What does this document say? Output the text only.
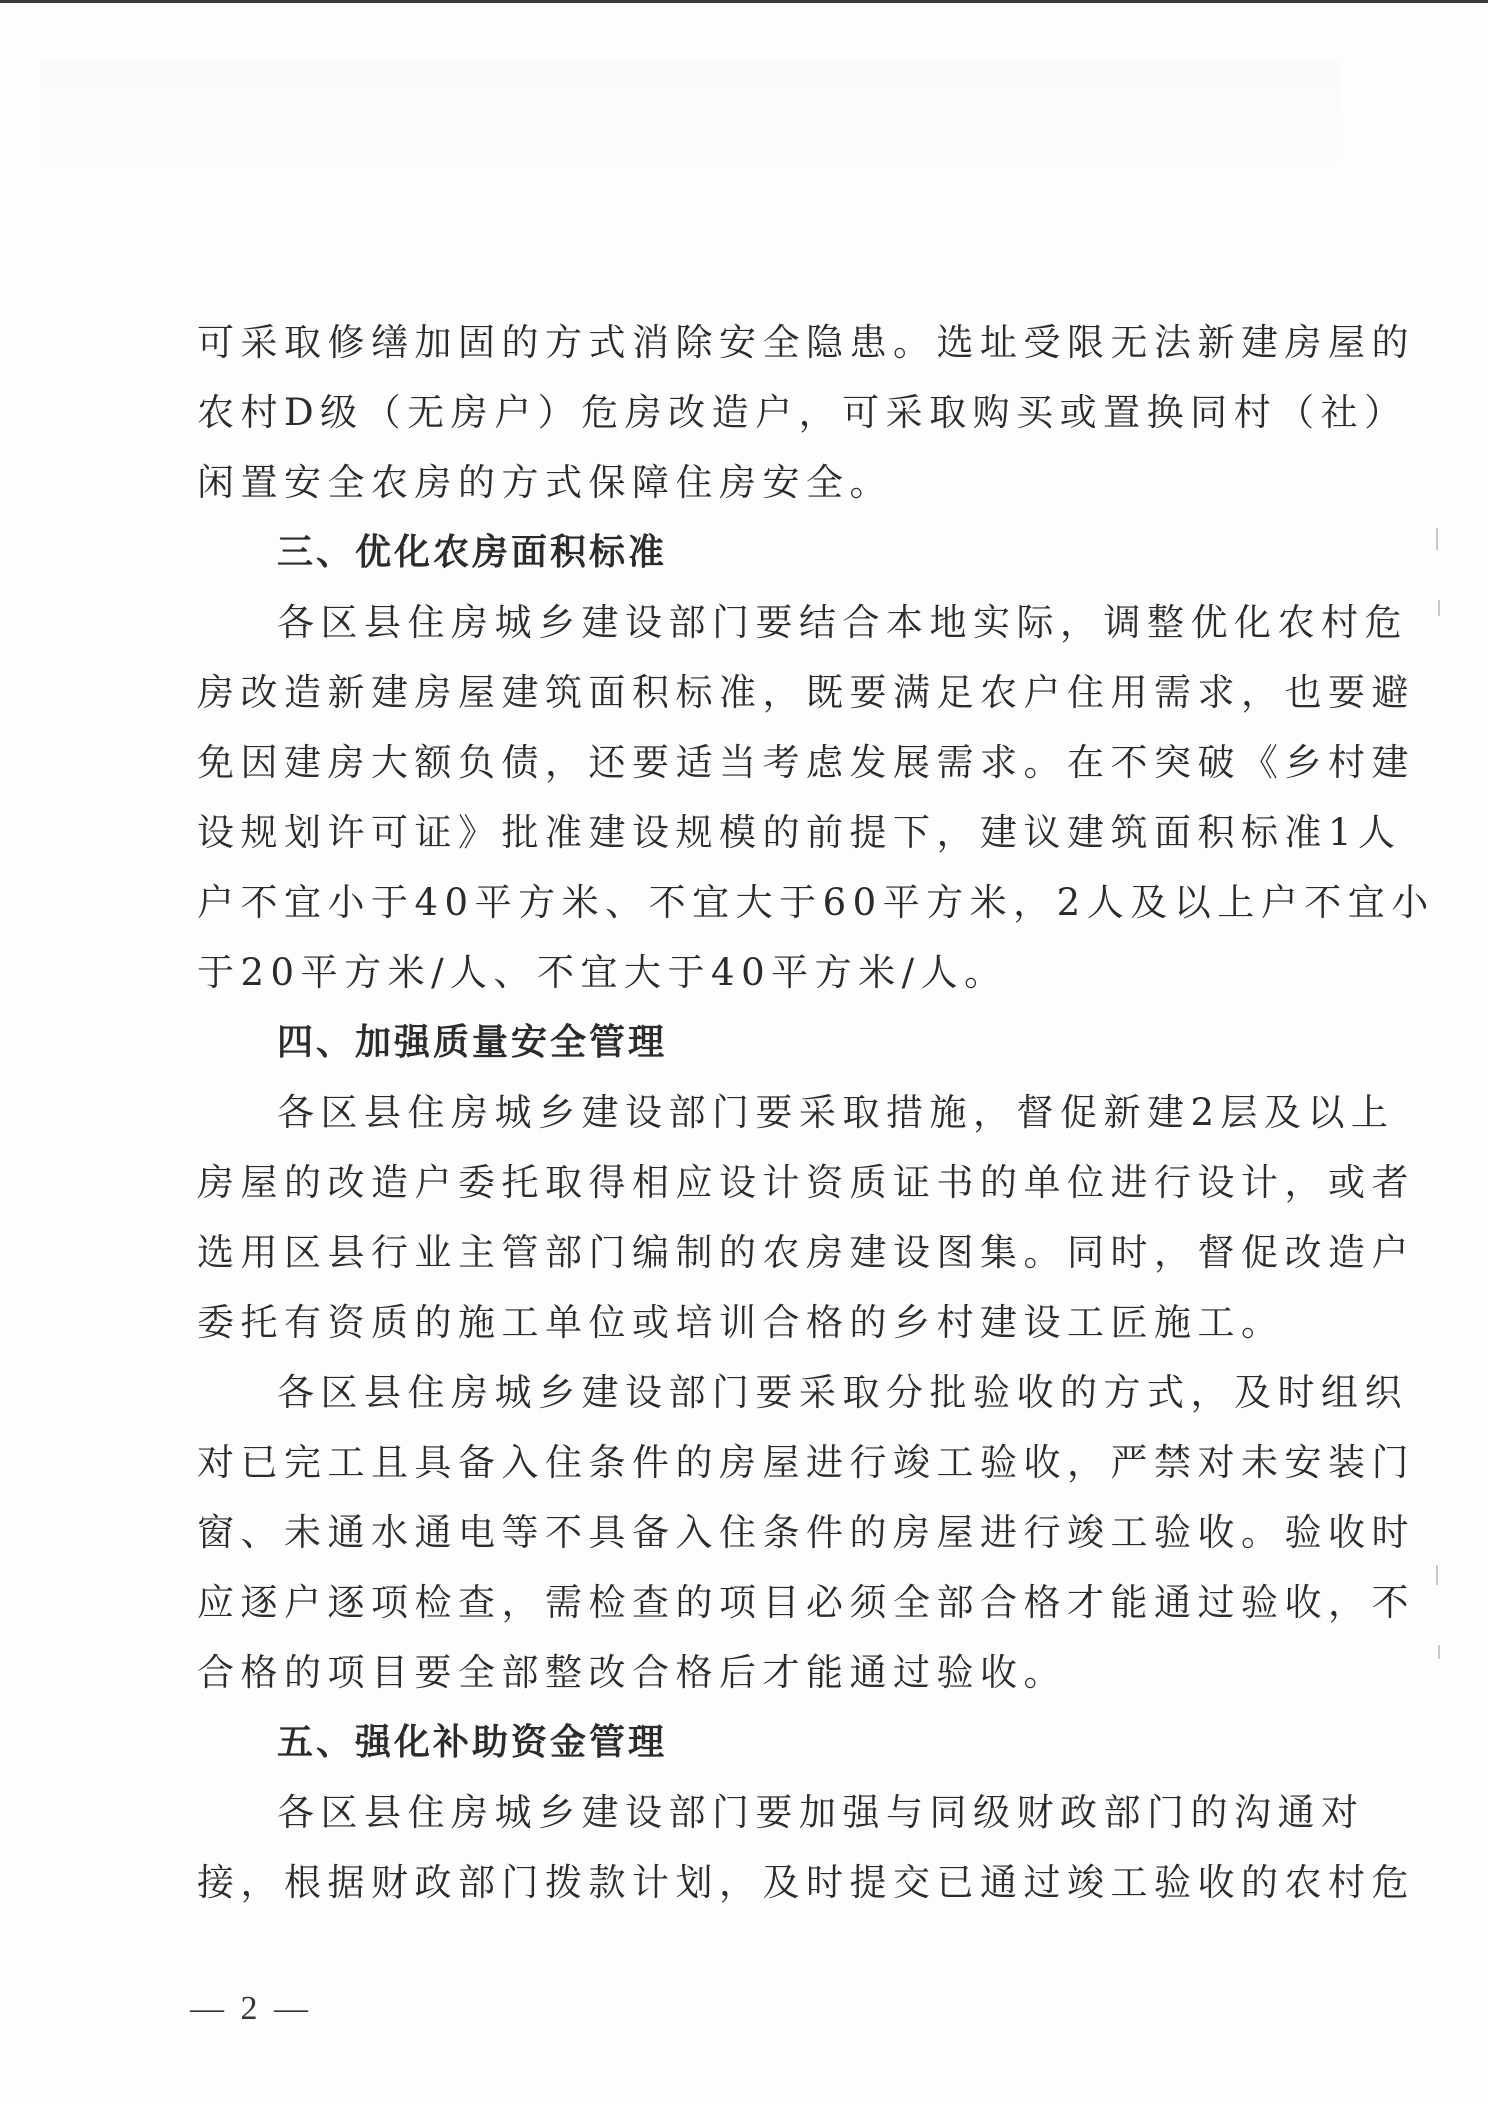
可采取修缮加固的方式消除安全隐患。选址受限无法新建房屋的
农村D级（无房户）危房改造户，可采取购买或置换同村（社）
闲置安全农房的方式保障住房安全。
三、优化农房面积标准
各区县住房城乡建设部门要结合本地实际，调整优化农村危
房改造新建房屋建筑面积标准，既要满足农户住用需求，也要避
免因建房大额负债，还要适当考虑发展需求。在不突破《乡村建
设规划许可证》批准建设规模的前提下，建议建筑面积标准1人
户不宜小于40平方米、不宜大于60平方米，2人及以上户不宜小
于20平方米/人、不宜大于40平方米/人。
四、加强质量安全管理
各区县住房城乡建设部门要采取措施，督促新建2层及以上
房屋的改造户委托取得相应设计资质证书的单位进行设计，或者
选用区县行业主管部门编制的农房建设图集。同时，督促改造户
委托有资质的施工单位或培训合格的乡村建设工匠施工。
各区县住房城乡建设部门要采取分批验收的方式，及时组织
对已完工且具备入住条件的房屋进行竣工验收，严禁对未安装门
窗、未通水通电等不具备入住条件的房屋进行竣工验收。验收时
应逐户逐项检查，需检查的项目必须全部合格才能通过验收，不
合格的项目要全部整改合格后才能通过验收。
五、强化补助资金管理
各区县住房城乡建设部门要加强与同级财政部门的沟通对
接，根据财政部门拨款计划，及时提交已通过竣工验收的农村危
— 2 —
